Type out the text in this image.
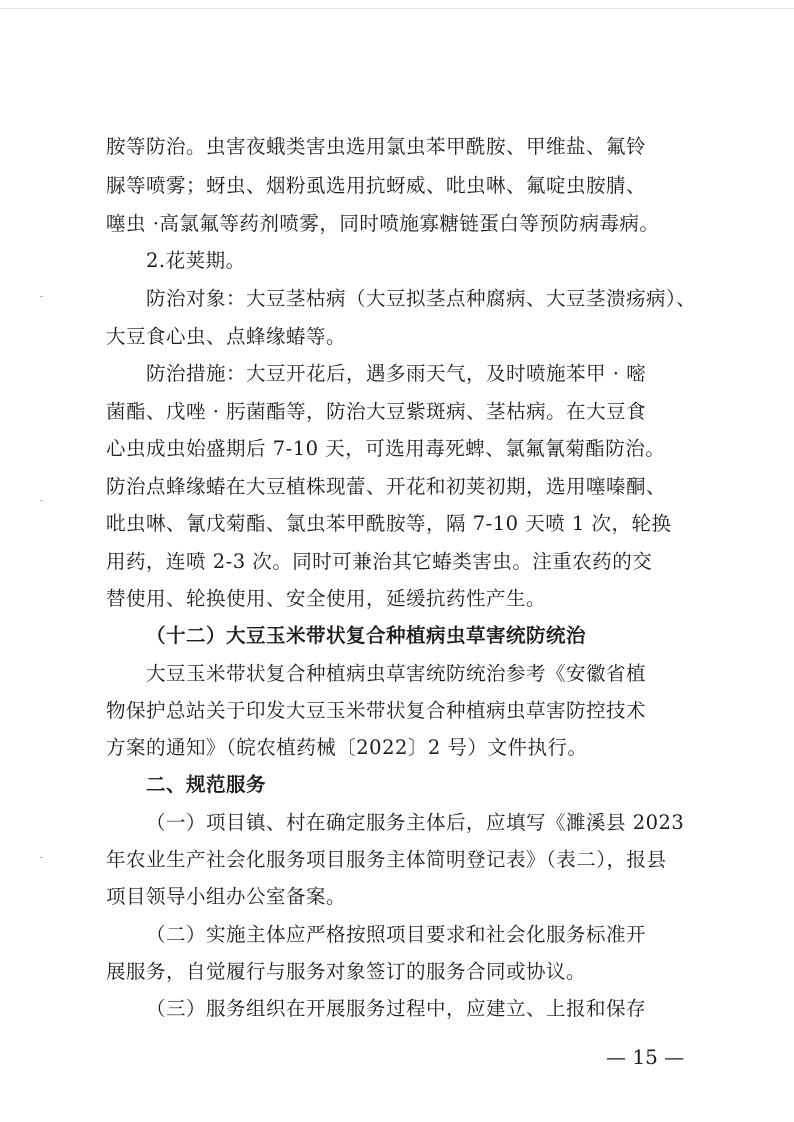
胺等防治。虫害夜蛾类害虫选用氯虫苯甲酰胺、甲维盐、氟铃
脲等喷雾；蚜虫、烟粉虱选用抗蚜威、吡虫啉、氟啶虫胺腈、
噻虫 ·高氯氟等药剂喷雾，同时喷施寡糖链蛋白等预防病毒病。
2.花荚期。
防治对象：大豆茎枯病（大豆拟茎点种腐病、大豆茎溃疡病）、
大豆食心虫、点蜂缘蝽等。
防治措施：大豆开花后，遇多雨天气，及时喷施苯甲 · 嘧
菌酯、戊唑 · 肟菌酯等，防治大豆紫斑病、茎枯病。在大豆食
心虫成虫始盛期后 7-10 天，可选用毒死蜱、氯氟氰菊酯防治。
防治点蜂缘蝽在大豆植株现蕾、开花和初荚初期，选用噻嗪酮、
吡虫啉、氰戊菊酯、氯虫苯甲酰胺等，隔 7-10 天喷 1 次，轮换
用药，连喷 2-3 次。同时可兼治其它蝽类害虫。注重农药的交
替使用、轮换使用、安全使用，延缓抗药性产生。
（十二）大豆玉米带状复合种植病虫草害统防统治
大豆玉米带状复合种植病虫草害统防统治参考《安徽省植
物保护总站关于印发大豆玉米带状复合种植病虫草害防控技术
方案的通知》（皖农植药械〔2022〕2 号）文件执行。
二、规范服务
（一）项目镇、村在确定服务主体后，应填写《濉溪县 2023
年农业生产社会化服务项目服务主体简明登记表》（表二），报县
项目领导小组办公室备案。
（二）实施主体应严格按照项目要求和社会化服务标准开
展服务，自觉履行与服务对象签订的服务合同或协议。
（三）服务组织在开展服务过程中，应建立、上报和保存
— 15 —
